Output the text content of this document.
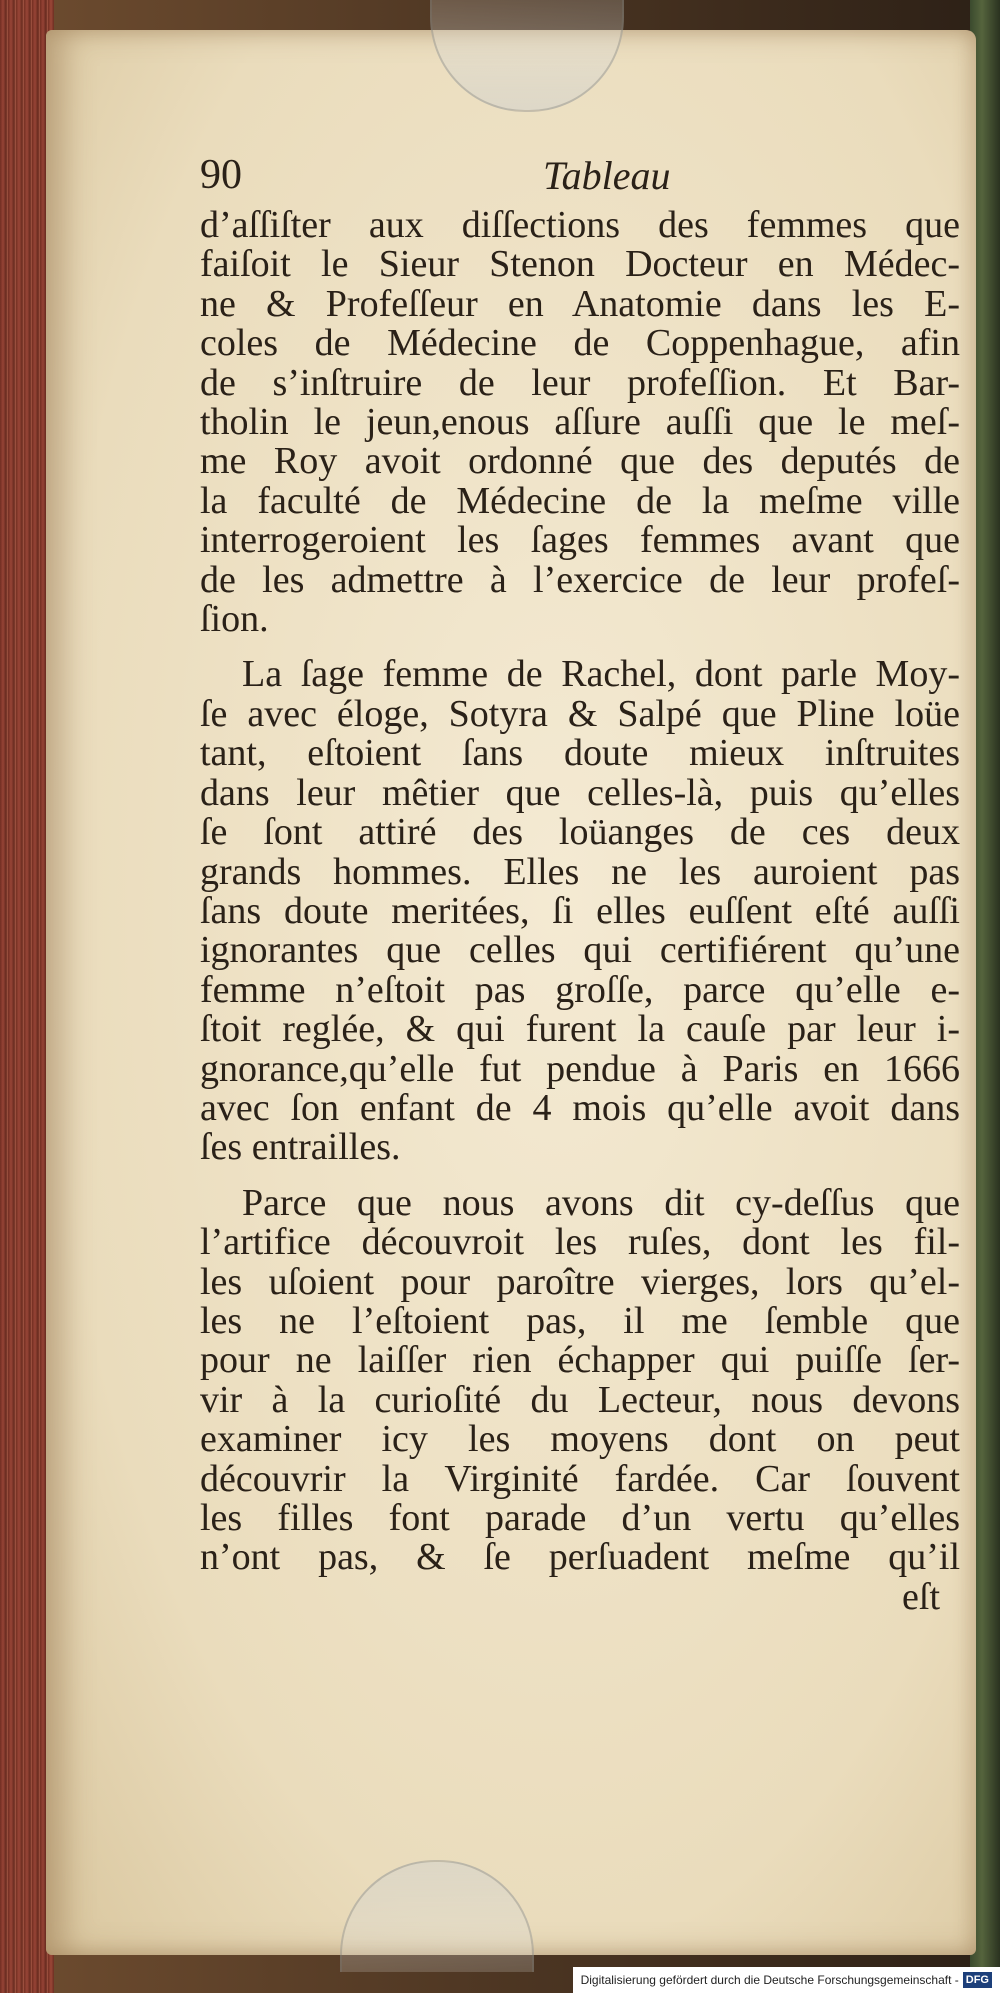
90	Tableau
d’aſſiſter aux diſſections des femmes que
faiſoit le Sieur Stenon Docteur en Médec-
ne & Profeſſeur en Anatomie dans les E-
coles de Médecine de Coppenhague, afin
de s’inſtruire de leur profeſſion. Et Bar-
tholin le jeun,enous aſſure auſſi que le meſ-
me Roy avoit ordonné que des deputés de
la faculté de Médecine de la meſme ville
interrogeroient les ſages femmes avant que
de les admettre à l’exercice de leur profeſ-
ſion.
La ſage femme de Rachel, dont parle Moy-
ſe avec éloge, Sotyra & Salpé que Pline loüe
tant, eſtoient ſans doute mieux inſtruites
dans leur mêtier que celles-là, puis qu’elles
ſe ſont attiré des loüanges de ces deux
grands hommes. Elles ne les auroient pas
ſans doute meritées, ſi elles euſſent eſté auſſi
ignorantes que celles qui certifiérent qu’une
femme n’eſtoit pas groſſe, parce qu’elle e-
ſtoit reglée, & qui furent la cauſe par leur i-
gnorance,qu’elle fut pendue à Paris en 1666
avec ſon enfant de 4 mois qu’elle avoit dans
ſes entrailles.
Parce que nous avons dit cy-deſſus que
l’artifice découvroit les ruſes, dont les fil-
les uſoient pour paroître vierges, lors qu’el-
les ne l’eſtoient pas, il me ſemble que
pour ne laiſſer rien échapper qui puiſſe ſer-
vir à la curioſité du Lecteur, nous devons
examiner icy les moyens dont on peut
découvrir la Virginité fardée. Car ſouvent
les filles font parade d’un vertu qu’elles
n’ont pas, & ſe perſuadent meſme qu’il
eſt
Digitalisierung gefördert durch die Deutsche Forschungsgemeinschaft - DFG
